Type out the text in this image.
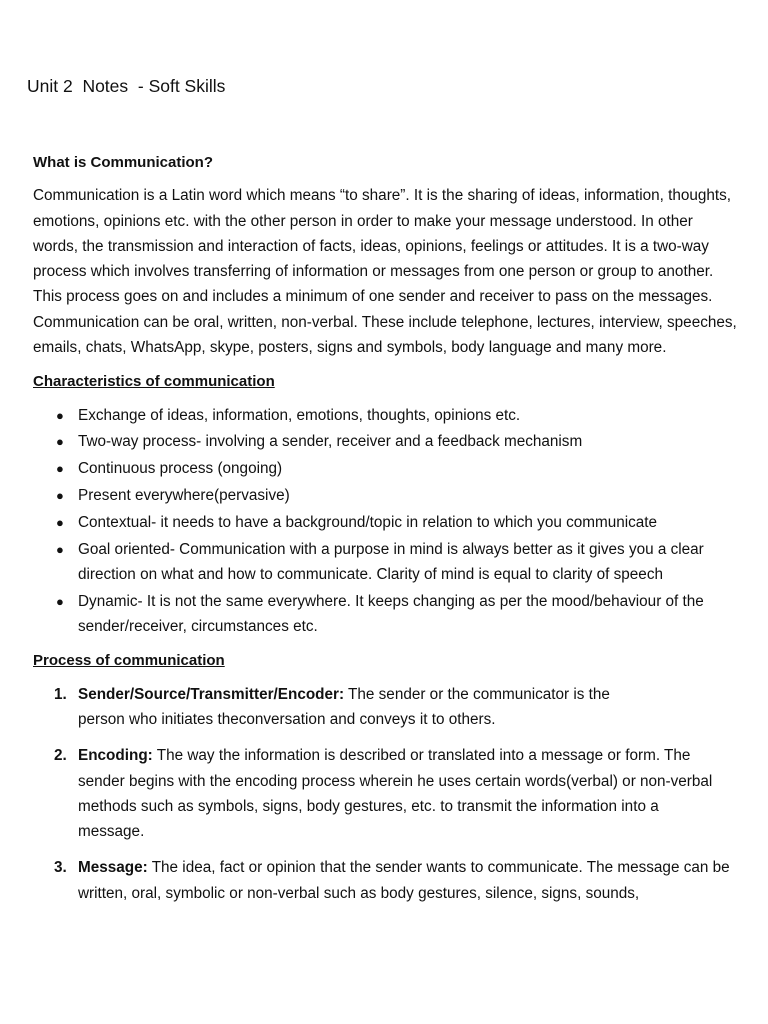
Unit 2  Notes  - Soft Skills

What is Communication?

Communication is a Latin word which means “to share”. It is the sharing of ideas, information, thoughts, emotions, opinions etc. with the other person in order to make your message understood. In other words, the transmission and interaction of facts, ideas, opinions, feelings or attitudes. It is a two-way process which involves transferring of information or messages from one person or group to another. This process goes on and includes a minimum of one sender and receiver to pass on the messages. Communication can be oral, written, non-verbal. These include telephone, lectures, interview, speeches, emails, chats, WhatsApp, skype, posters, signs and symbols, body language and many more.

Characteristics of communication

● Exchange of ideas, information, emotions, thoughts, opinions etc.
● Two-way process- involving a sender, receiver and a feedback mechanism
● Continuous process (ongoing)
● Present everywhere(pervasive)
● Contextual- it needs to have a background/topic in relation to which you communicate
● Goal oriented- Communication with a purpose in mind is always better as it gives you a clear direction on what and how to communicate. Clarity of mind is equal to clarity of speech
● Dynamic- It is not the same everywhere. It keeps changing as per the mood/behaviour of the sender/receiver, circumstances etc.

Process of communication

1. Sender/Source/Transmitter/Encoder: The sender or the communicator is the
person who initiates theconversation and conveys it to others.
2. Encoding: The way the information is described or translated into a message or form. The sender begins with the encoding process wherein he uses certain words(verbal) or non-verbal methods such as symbols, signs, body gestures, etc. to transmit the information into a
message.
3. Message: The idea, fact or opinion that the sender wants to communicate. The message can be written, oral, symbolic or non-verbal such as body gestures, silence, signs, sounds,
